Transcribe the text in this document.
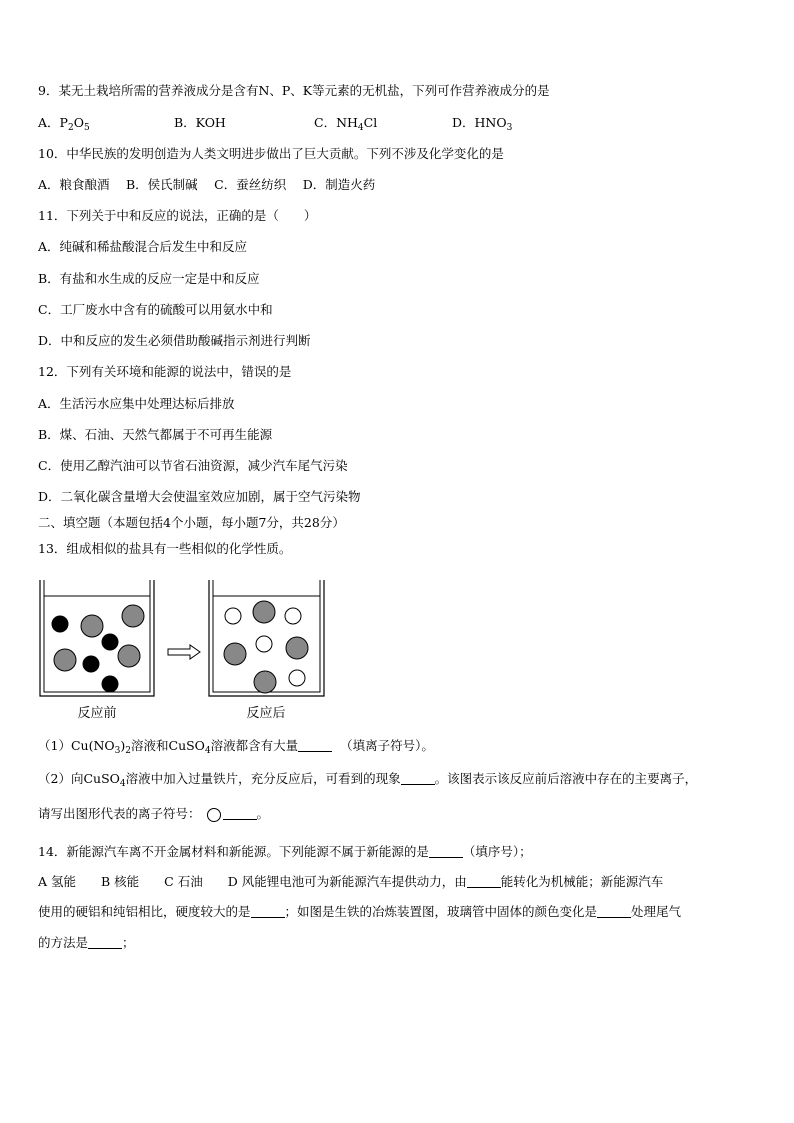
9．某无土栽培所需的营养液成分是含有N、P、K等元素的无机盐，下列可作营养液成分的是
A．$P_2O_5$	B．KOH	C．$NH_4Cl$	D．$HNO_3$
10．中华民族的发明创造为人类文明进步做出了巨大贡献。下列不涉及化学变化的是
A．粮食酿酒　 B．侯氏制碱　 C．蚕丝纺织　 D．制造火药
11．下列关于中和反应的说法，正确的是（　　）
A．纯碱和稀盐酸混合后发生中和反应
B．有盐和水生成的反应一定是中和反应
C．工厂废水中含有的硫酸可以用氨水中和
D．中和反应的发生必须借助酸碱指示剂进行判断
12．下列有关环境和能源的说法中，错误的是
A．生活污水应集中处理达标后排放
B．煤、石油、天然气都属于不可再生能源
C．使用乙醇汽油可以节省石油资源，减少汽车尾气污染
D．二氧化碳含量增大会使温室效应加剧，属于空气污染物
二、填空题（本题包括4个小题，每小题7分，共28分）
13．组成相似的盐具有一些相似的化学性质。
反应前	反应后
$(1)Cu(NO_3)_2$溶液和CuSO$_4$溶液都含有大量	（填离子符号）。
（2）向CuSO$_4$溶液中加入过量铁片，充分反应后，可看到的现象	。该图表示该反应前后溶液中存在的主要离子，
请写出图形代表的离子符号：	。
14．新能源汽车离不开金属材料和新能源。下列能源不属于新能源的是	（填序号）；
A 氢能　　B 核能　　C 石油　　D 风能锂电池可为新能源汽车提供动力，由	能转化为机械能；新能源汽车
使用的硬铝和纯铝相比，硬度较大的是	；如图是生铁的冶炼装置图，玻璃管中固体的颜色变化是	处理尾气
的方法是	；
